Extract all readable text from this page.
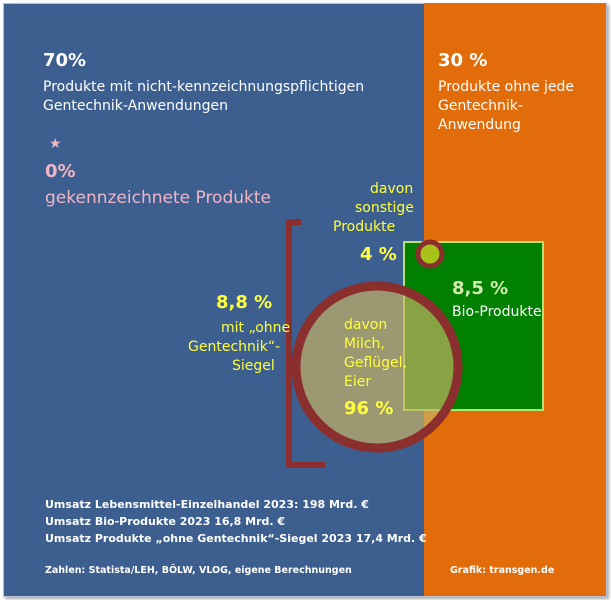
70%
Produkte mit nicht-kennzeichnungspflichtigen
Gentechnik-Anwendungen
★
0%
gekennzeichnete Produkte
30 %
Produkte ohne jede
Gentechnik-
Anwendung
davon
sonstige
Produkte
4 %
8,5 %
Bio-Produkte
8,8 %
mit „ohne
Gentechnik“-
Siegel
davon
Milch,
Geflügel,
Eier
96 %
Umsatz Lebensmittel-Einzelhandel 2023: 198 Mrd. €
Umsatz Bio-Produkte 2023 16,8 Mrd. €
Umsatz Produkte „ohne Gentechnik“-Siegel 2023 17,4 Mrd. €
Zahlen: Statista/LEH, BÖLW, VLOG, eigene Berechnungen	Grafik: transgen.de
